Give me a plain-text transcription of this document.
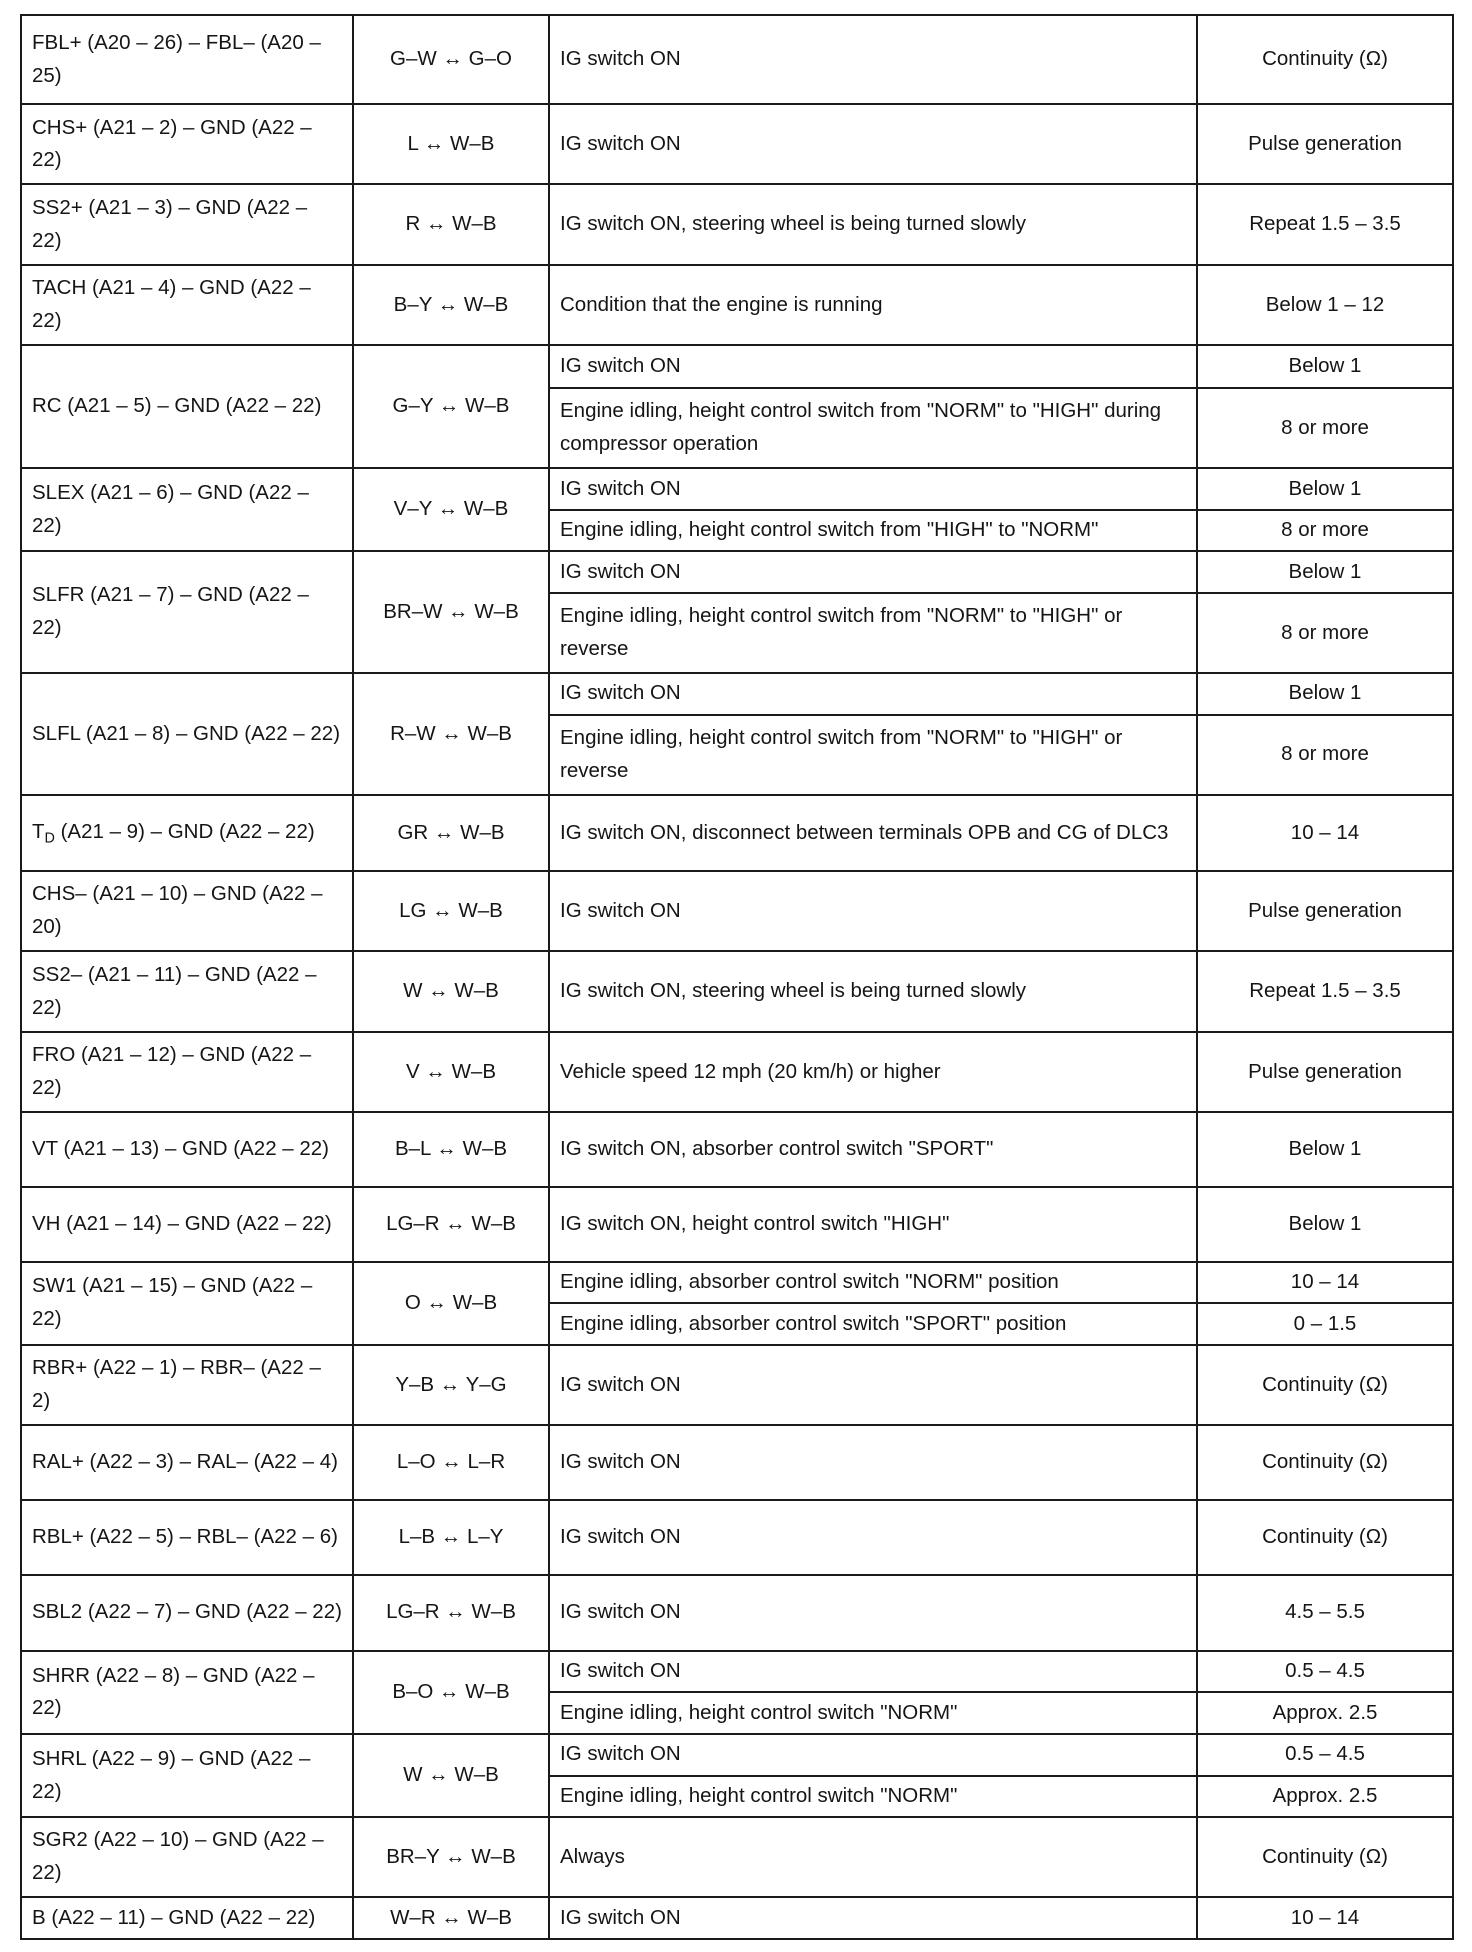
FBL+ (A20 – 26) – FBL– (A20 – 25)	G–W ↔ G–O	IG switch ON	Continuity (Ω)
CHS+ (A21 – 2) – GND (A22 – 22)	L ↔ W–B	IG switch ON	Pulse generation
SS2+ (A21 – 3) – GND (A22 – 22)	R ↔ W–B	IG switch ON, steering wheel is being turned slowly	Repeat 1.5 – 3.5
TACH (A21 – 4) – GND (A22 – 22)	B–Y ↔ W–B	Condition that the engine is running	Below 1 – 12
RC (A21 – 5) – GND (A22 – 22)	G–Y ↔ W–B	IG switch ON	Below 1
		Engine idling, height control switch from "NORM" to "HIGH" during compressor operation	8 or more
SLEX (A21 – 6) – GND (A22 – 22)	V–Y ↔ W–B	IG switch ON	Below 1
		Engine idling, height control switch from "HIGH" to "NORM"	8 or more
SLFR (A21 – 7) – GND (A22 – 22)	BR–W ↔ W–B	IG switch ON	Below 1
		Engine idling, height control switch from "NORM" to "HIGH" or reverse	8 or more
SLFL (A21 – 8) – GND (A22 – 22)	R–W ↔ W–B	IG switch ON	Below 1
		Engine idling, height control switch from "NORM" to "HIGH" or reverse	8 or more
$T_D$ (A21 – 9) – GND (A22 – 22)	GR ↔ W–B	IG switch ON, disconnect between terminals OPB and CG of DLC3	10 – 14
CHS– (A21 – 10) – GND (A22 – 20)	LG ↔ W–B	IG switch ON	Pulse generation
SS2– (A21 – 11) – GND (A22 – 22)	W ↔ W–B	IG switch ON, steering wheel is being turned slowly	Repeat 1.5 – 3.5
FRO (A21 – 12) – GND (A22 – 22)	V ↔ W–B	Vehicle speed 12 mph (20 km/h) or higher	Pulse generation
VT (A21 – 13) – GND (A22 – 22)	B–L ↔ W–B	IG switch ON, absorber control switch "SPORT"	Below 1
VH (A21 – 14) – GND (A22 – 22)	LG–R ↔ W–B	IG switch ON, height control switch "HIGH"	Below 1
SW1 (A21 – 15) – GND (A22 – 22)	O ↔ W–B	Engine idling, absorber control switch "NORM" position	10 – 14
		Engine idling, absorber control switch "SPORT" position	0 – 1.5
RBR+ (A22 – 1) – RBR– (A22 – 2)	Y–B ↔ Y–G	IG switch ON	Continuity (Ω)
RAL+ (A22 – 3) – RAL– (A22 – 4)	L–O ↔ L–R	IG switch ON	Continuity (Ω)
RBL+ (A22 – 5) – RBL– (A22 – 6)	L–B ↔ L–Y	IG switch ON	Continuity (Ω)
SBL2 (A22 – 7) – GND (A22 – 22)	LG–R ↔ W–B	IG switch ON	4.5 – 5.5
SHRR (A22 – 8) – GND (A22 – 22)	B–O ↔ W–B	IG switch ON	0.5 – 4.5
		Engine idling, height control switch "NORM"	Approx. 2.5
SHRL (A22 – 9) – GND (A22 – 22)	W ↔ W–B	IG switch ON	0.5 – 4.5
		Engine idling, height control switch "NORM"	Approx. 2.5
SGR2 (A22 – 10) – GND (A22 – 22)	BR–Y ↔ W–B	Always	Continuity (Ω)
B (A22 – 11) – GND (A22 – 22)	W–R ↔ W–B	IG switch ON	10 – 14
